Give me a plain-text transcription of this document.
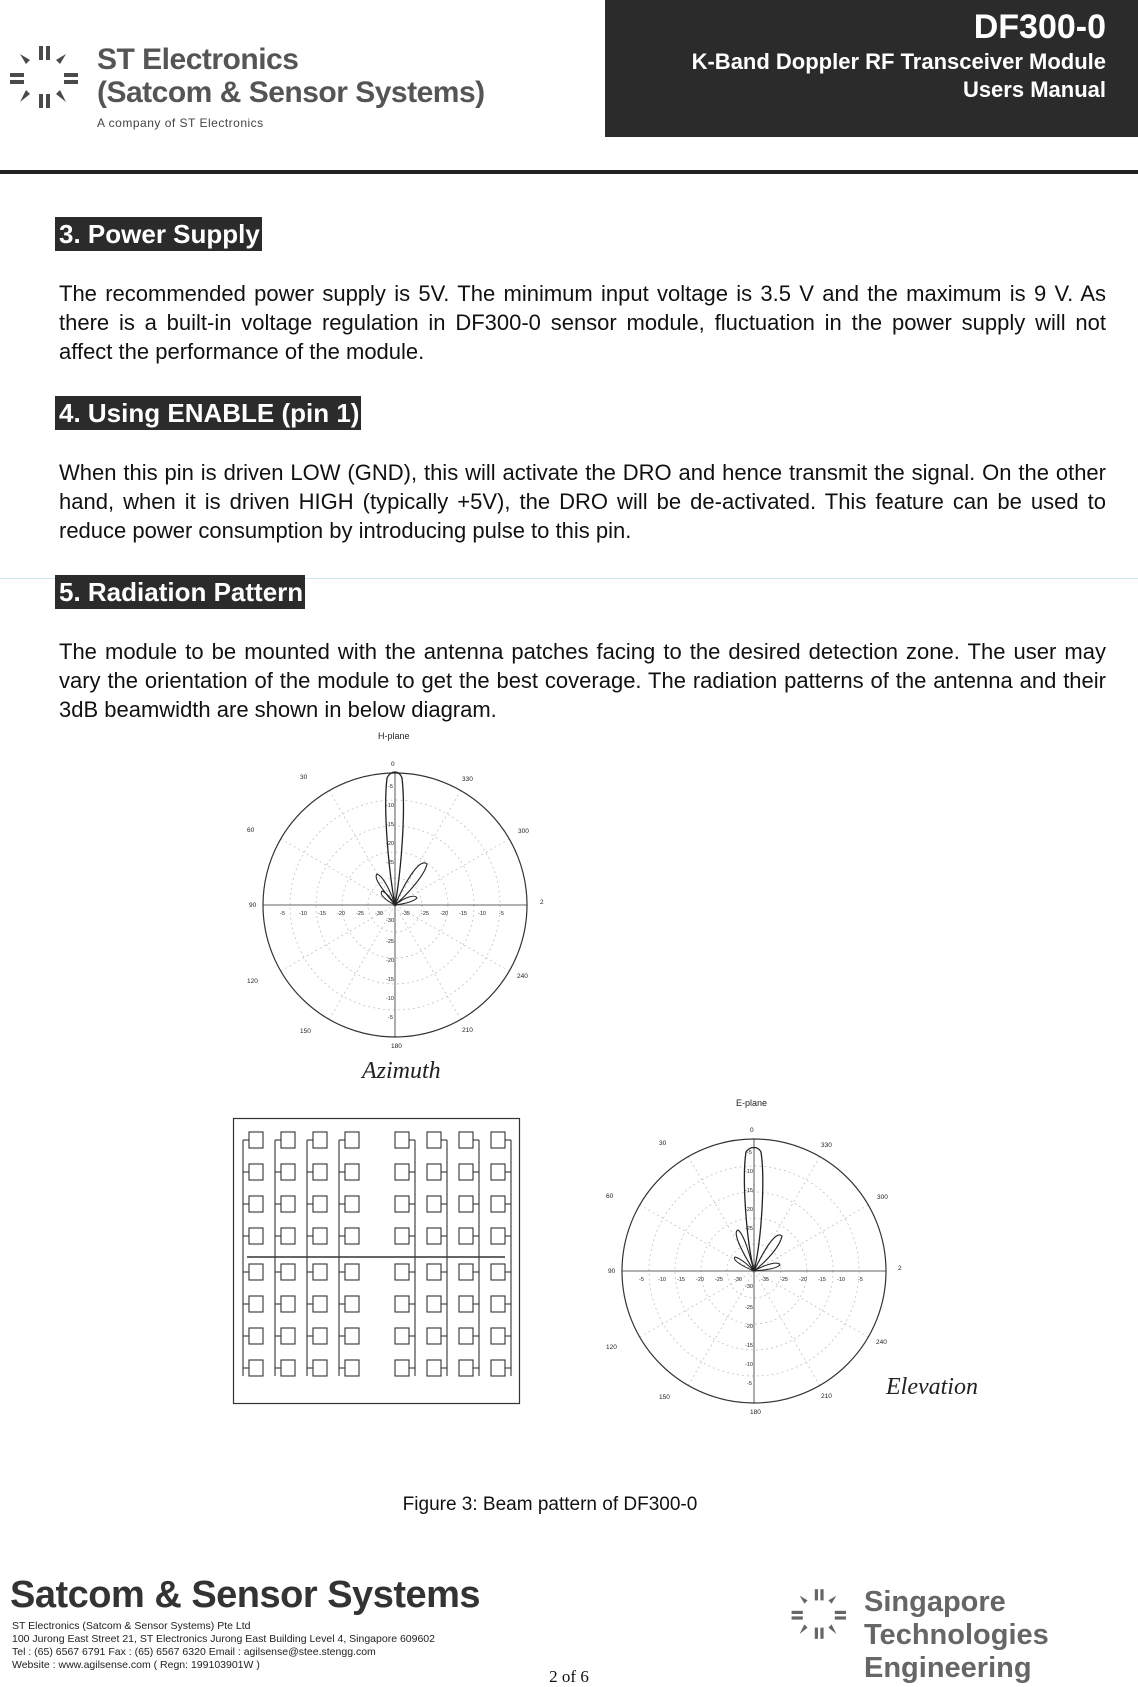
ST Electronics
(Satcom & Sensor Systems)
A company of ST Electronics
DF300-0
K-Band Doppler RF Transceiver Module
Users Manual
3. Power Supply
The recommended power supply is 5V. The minimum input voltage is 3.5 V and the maximum is 9 V. As there is a built-in voltage regulation in DF300-0 sensor module, fluctuation in the power supply will not affect the performance of the module.
4. Using ENABLE (pin 1)
When this pin is driven LOW (GND), this will activate the DRO and hence transmit the signal. On the other hand, when it is driven HIGH (typically +5V), the DRO will be de-activated. This feature can be used to reduce power consumption by introducing pulse to this pin.
5. Radiation Pattern
The module to be mounted with the antenna patches facing to the desired detection zone. The user may vary the orientation of the module to get the best coverage. The radiation patterns of the antenna and their 3dB beamwidth are shown in below diagram.
H-plane
0
30
60
90
120
150
180
210
240
2
300
330
-5
-10
-15
-20
-25
-30
-25
-20
-15
-10
-5
-5	-10 -15 -20 -25 -30	-35 -25 -20 -15 -10 -5
Azimuth
E-plane
0
30
60
90
120
150
180
210
240
2
300
330
-5
-10
-15
-20
-25
-30
-25
-20
-15
-10
-5
-5	-10 -15 -20 -25 -30	-35 -25 -20 -15 -10 -5
Elevation
Figure 3: Beam pattern of DF300-0
Satcom & Sensor Systems
ST Electronics (Satcom & Sensor Systems) Pte Ltd
100 Jurong East Street 21, ST Electronics Jurong East Building Level 4, Singapore 609602
Tel : (65) 6567 6791 Fax : (65) 6567 6320 Email : agilsense@stee.stengg.com
Website : www.agilsense.com ( Regn: 199103901W )
Singapore Technologies
Engineering
2 of 6
